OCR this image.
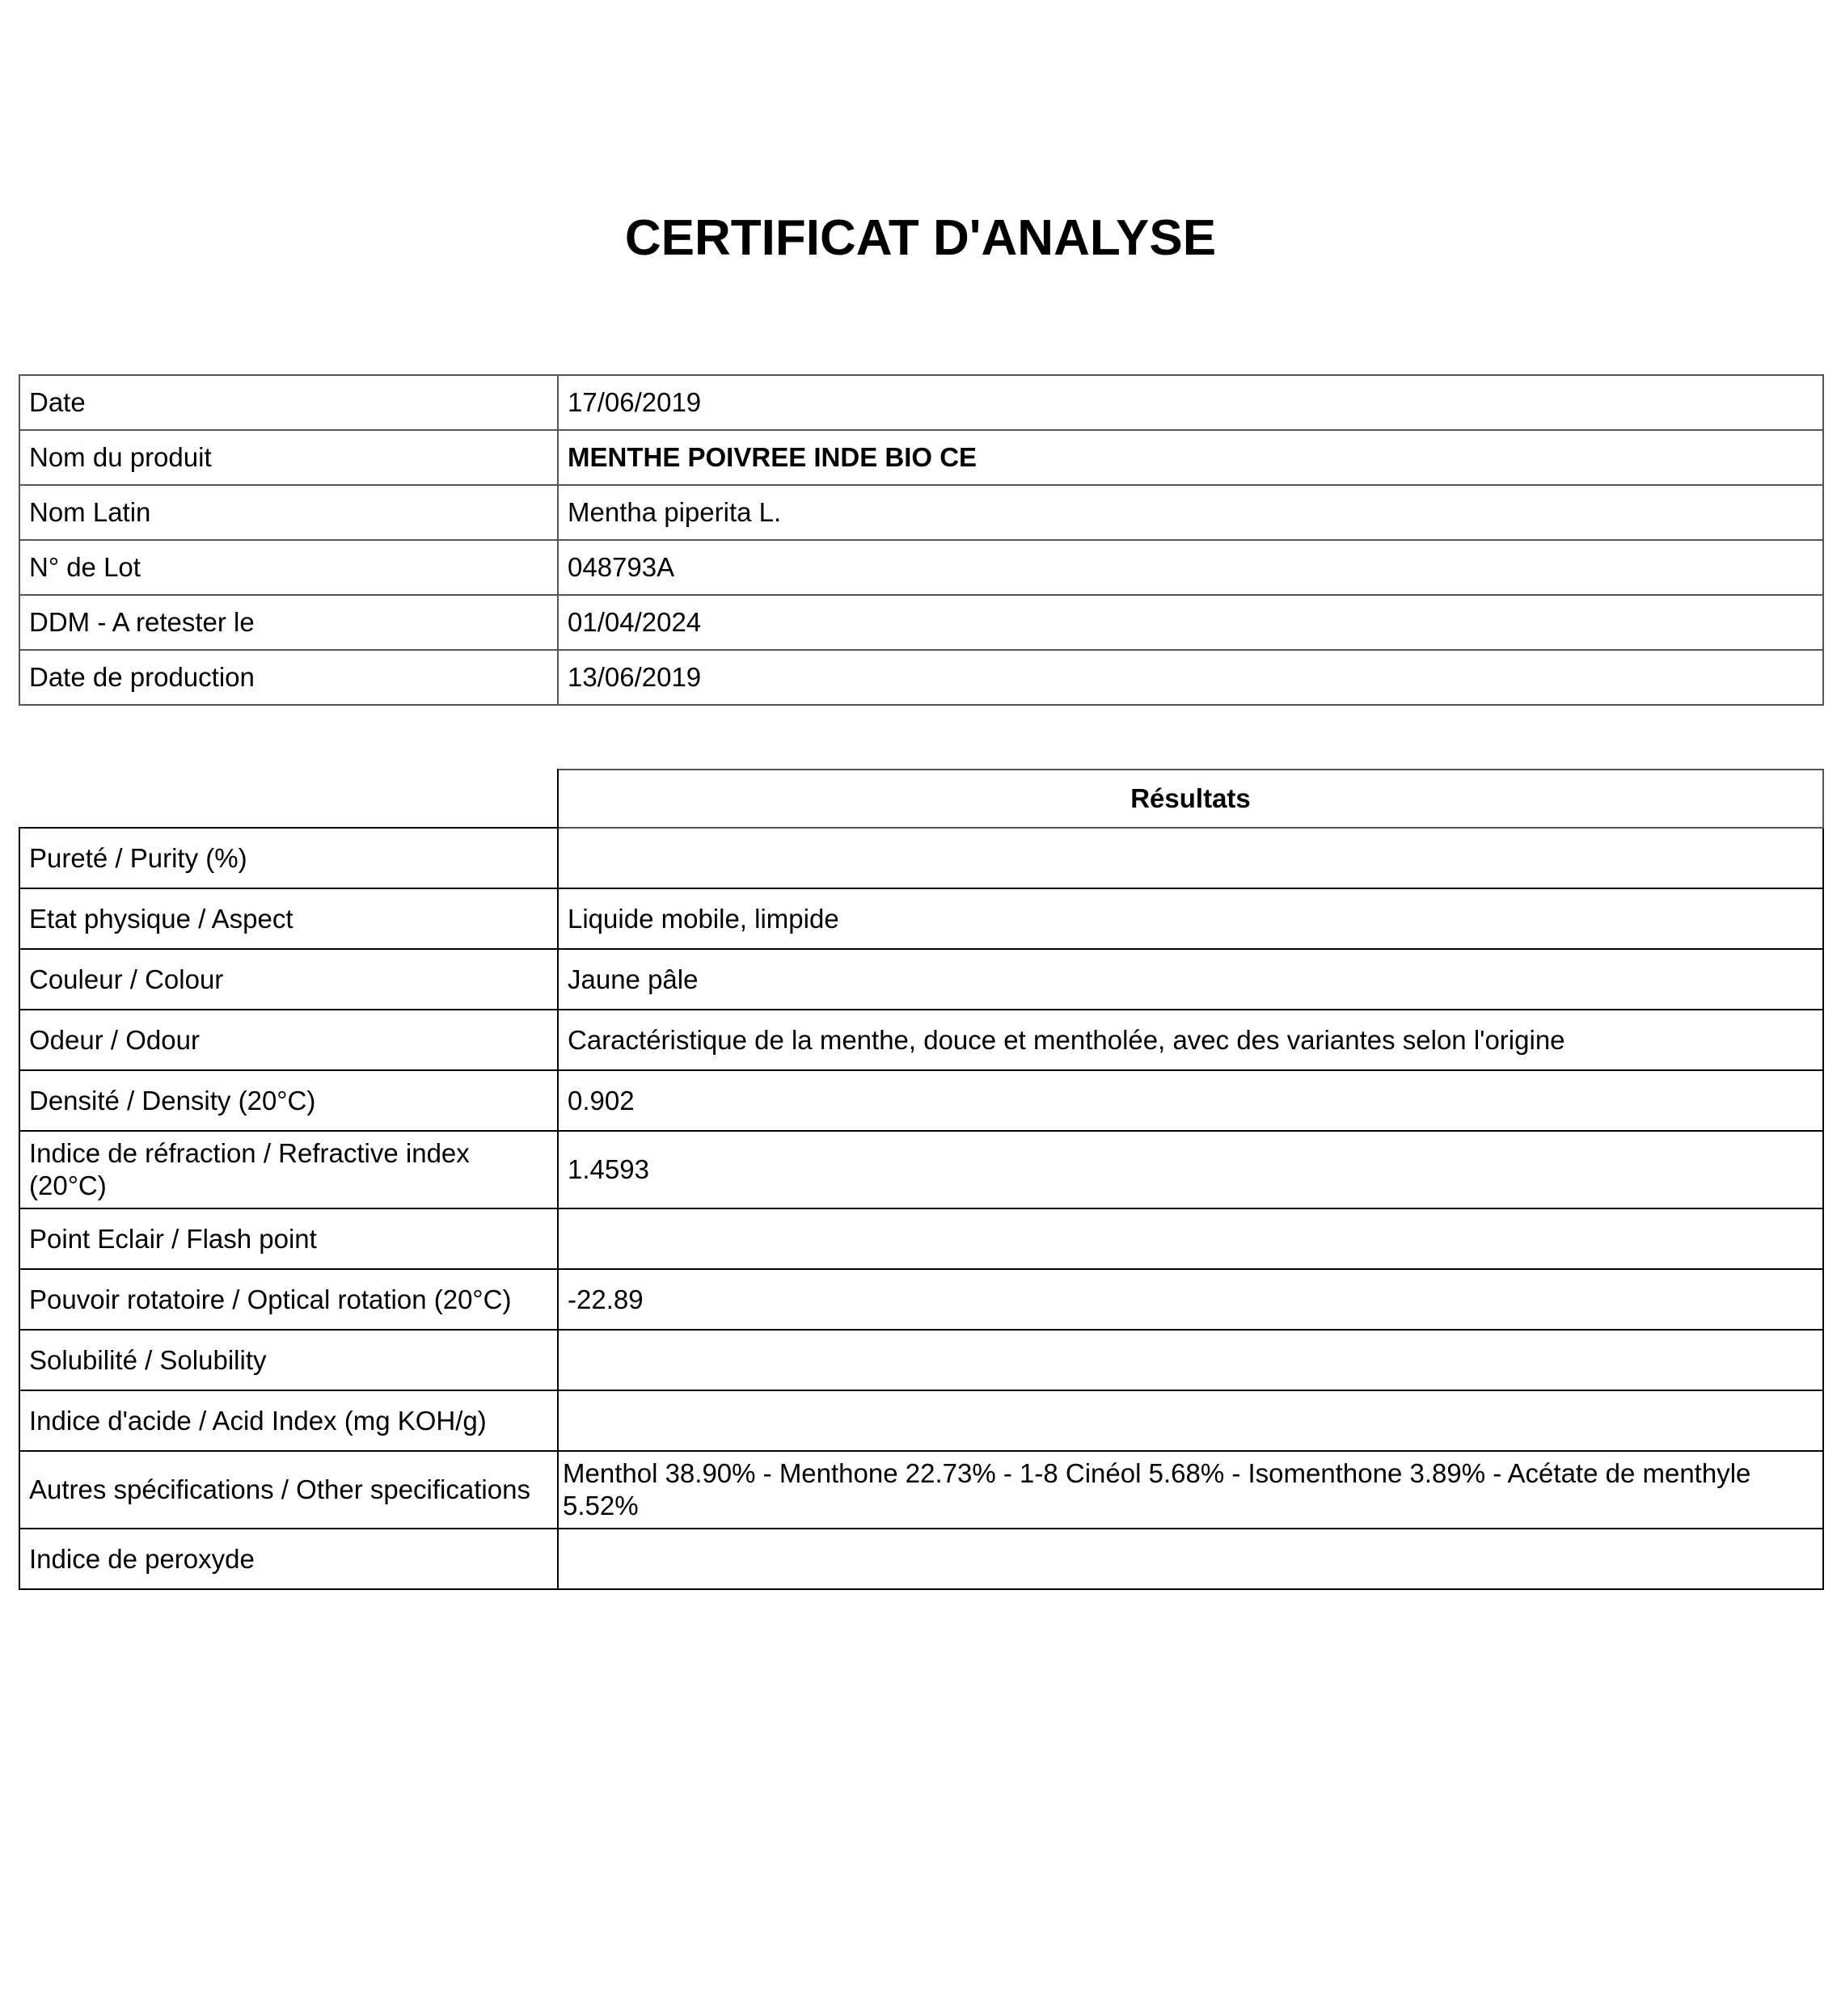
CERTIFICAT D'ANALYSE
Date	17/06/2019
Nom du produit	MENTHE POIVREE INDE BIO CE
Nom Latin	Mentha piperita L.
N° de Lot	048793A
DDM - A retester le	01/04/2024
Date de production	13/06/2019
	Résultats
Pureté / Purity (%)	
Etat physique / Aspect	Liquide mobile, limpide
Couleur / Colour	Jaune pâle
Odeur / Odour	Caractéristique de la menthe, douce et mentholée, avec des variantes selon l'origine
Densité / Density (20°C)	0.902
Indice de réfraction / Refractive index (20°C)	1.4593
Point Eclair / Flash point	
Pouvoir rotatoire / Optical rotation (20°C)	-22.89
Solubilité / Solubility	
Indice d'acide / Acid Index (mg KOH/g)	
Autres spécifications / Other specifications	Menthol 38.90% - Menthone 22.73% - 1-8 Cinéol 5.68% - Isomenthone 3.89% - Acétate de menthyle 5.52%
Indice de peroxyde	
